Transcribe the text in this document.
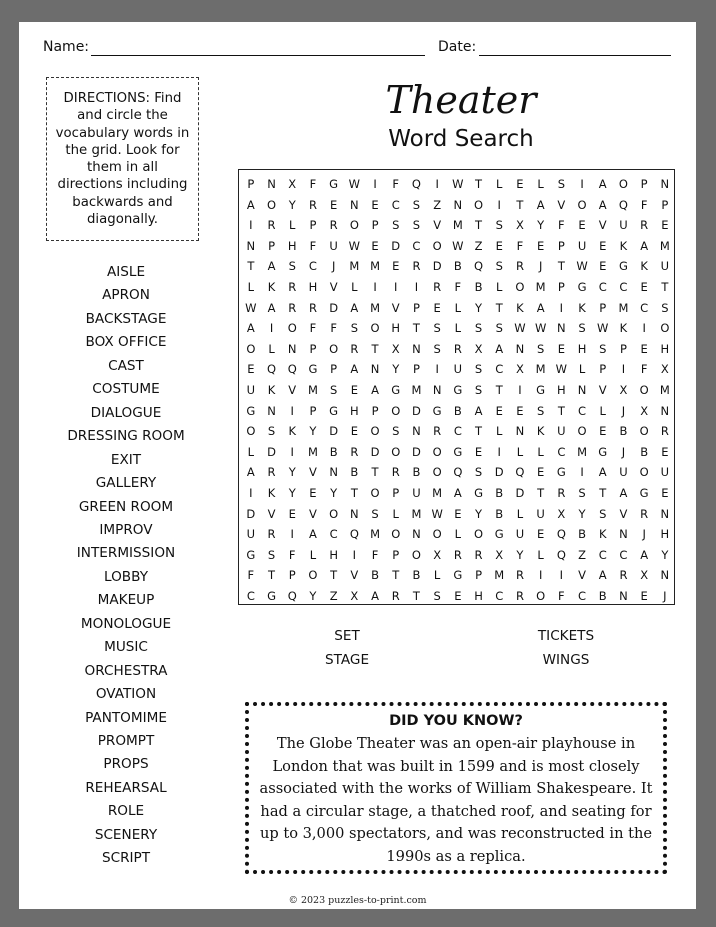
Name:	Date:
DIRECTIONS: Find and circle the vocabulary words in the grid. Look for them in all directions including backwards and diagonally.
Theater
Word Search
P	N	X	F	G W	I	F	Q	I	W T	L	E	L	S	I	A	O	P	N
A	O	Y	R	E	N	E	C	S	Z	N	O	I	T	A	V	O	A	Q	F	P
I	R	L	P	R	O	P	S	S	V	M	T	S	X	Y	F	E	V	U	R	E
N	P	H	F	U W E	D	C	O W Z	E	F	E	P	U	E	K	A	M
T	A	S	C	J	M M	E	R	D	B	Q	S	R	J	T W E	G	K	U
L	K	R	H	V	L	I	I	I	R	F	B	L	O M	P	G	C	C	E	T
W A	R	R	D	A	M	V	P	E	L	Y	T	K	A	I	K	P	M	C	S
A	I	O	F	F	S	O	H	T	S	L	S	S W W N	S W K	I	O
O	L	N	P	O	R	T	X	N	S	R	X	A	N	S	E	H	S	P	E	H
E	Q	Q	G	P	A	N	Y	P	I	U	S	C	X	M W	L	P	I	F	X
U	K	V	M	S	E	A	G M N	G	S	T	I	G	H	N	V	X	O M
G	N	I	P	G	H	P	O	D	G	B	A	E	E	S	T	C	L	J	X	N
O	S	K	Y	D	E	O	S	N	R	C	T	L	N	K	U	O	E	B	O	R
L	D	I	M	B	R	D	O	D	O	G	E	I	L	L	C	M G	J	B	E
A	R	Y	V	N	B	T	R	B	O	Q	S	D	Q	E	G	I	A	U	O	U
I	K	Y	E	Y	T	O	P	U	M	A	G	B	D	T	R	S	T	A	G	E
D	V	E	V	O	N	S	L	M W E	Y	B	L	U	X	Y	S	V	R	N
U	R	I	A	C	Q M O	N	O	L	O	G	U	E	Q	B	K	N	J	H
G	S	F	L	H	I	F	P	O	X	R	R	X	Y	L	Q	Z	C	C	A	Y
F	T	P	O	T	V	B	T	B	L	G	P	M	R	I	I	V	A	R	X	N
C	G	Q	Y	Z	X	A	R	T	S	E	H	C	R	O	F	C	B	N	E	J
AISLE
APRON
BACKSTAGE
BOX OFFICE
CAST
COSTUME
DIALOGUE
DRESSING ROOM
EXIT
GALLERY
GREEN ROOM
IMPROV
INTERMISSION
LOBBY
MAKEUP
MONOLOGUE
MUSIC
ORCHESTRA
OVATION
PANTOMIME
PROMPT
PROPS
REHEARSAL
ROLE
SCENERY
SCRIPT
SET	TICKETS
STAGE	WINGS
DID YOU KNOW?
The Globe Theater was an open-air playhouse in London that was built in 1599 and is most closely associated with the works of William Shakespeare. It had a circular stage, a thatched roof, and seating for up to 3,000 spectators, and was reconstructed in the 1990s as a replica.
© 2023 puzzles-to-print.com
